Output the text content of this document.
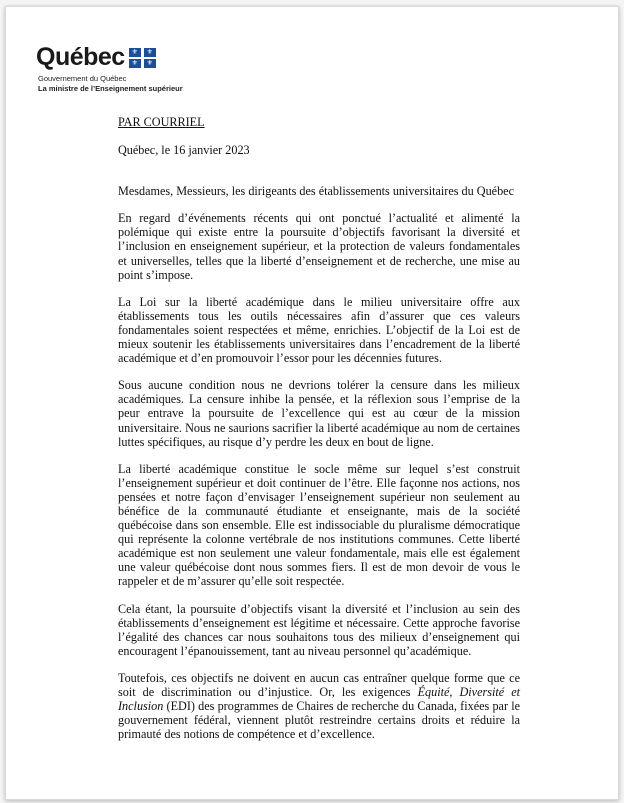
Québec ⚜	⚜
⚜	⚜
Gouvernement du Québec
La ministre de l’Enseignement supérieur

PAR COURRIEL

Québec, le 16 janvier 2023

Mesdames, Messieurs, les dirigeants des établissements universitaires du Québec

En regard d’événements récents qui ont ponctué l’actualité et alimenté la polémique qui existe entre la poursuite d’objectifs favorisant la diversité et l’inclusion en enseignement supérieur, et la protection de valeurs fondamentales et universelles, telles que la liberté d’enseignement et de recherche, une mise au point s’impose.

La Loi sur la liberté académique dans le milieu universitaire offre aux établissements tous les outils nécessaires afin d’assurer que ces valeurs fondamentales soient respectées et même, enrichies. L’objectif de la Loi est de mieux soutenir les établissements universitaires dans l’encadrement de la liberté académique et d’en promouvoir l’essor pour les décennies futures.

Sous aucune condition nous ne devrions tolérer la censure dans les milieux académiques. La censure inhibe la pensée, et la réflexion sous l’emprise de la peur entrave la poursuite de l’excellence qui est au cœur de la mission universitaire. Nous ne saurions sacrifier la liberté académique au nom de certaines luttes spécifiques, au risque d’y perdre les deux en bout de ligne.

La liberté académique constitue le socle même sur lequel s’est construit l’enseignement supérieur et doit continuer de l’être. Elle façonne nos actions, nos pensées et notre façon d’envisager l’enseignement supérieur non seulement au bénéfice de la communauté étudiante et enseignante, mais de la société québécoise dans son ensemble. Elle est indissociable du pluralisme démocratique qui représente la colonne vertébrale de nos institutions communes. Cette liberté académique est non seulement une valeur fondamentale, mais elle est également une valeur québécoise dont nous sommes fiers. Il est de mon devoir de vous le rappeler et de m’assurer qu’elle soit respectée.

Cela étant, la poursuite d’objectifs visant la diversité et l’inclusion au sein des établissements d’enseignement est légitime et nécessaire. Cette approche favorise l’égalité des chances car nous souhaitons tous des milieux d’enseignement qui encouragent l’épanouissement, tant au niveau personnel qu’académique.

Toutefois, ces objectifs ne doivent en aucun cas entraîner quelque forme que ce soit de discrimination ou d’injustice. Or, les exigences Équité, Diversité et Inclusion (EDI) des programmes de Chaires de recherche du Canada, fixées par le gouvernement fédéral, viennent plutôt restreindre certains droits et réduire la primauté des notions de compétence et d’excellence.
